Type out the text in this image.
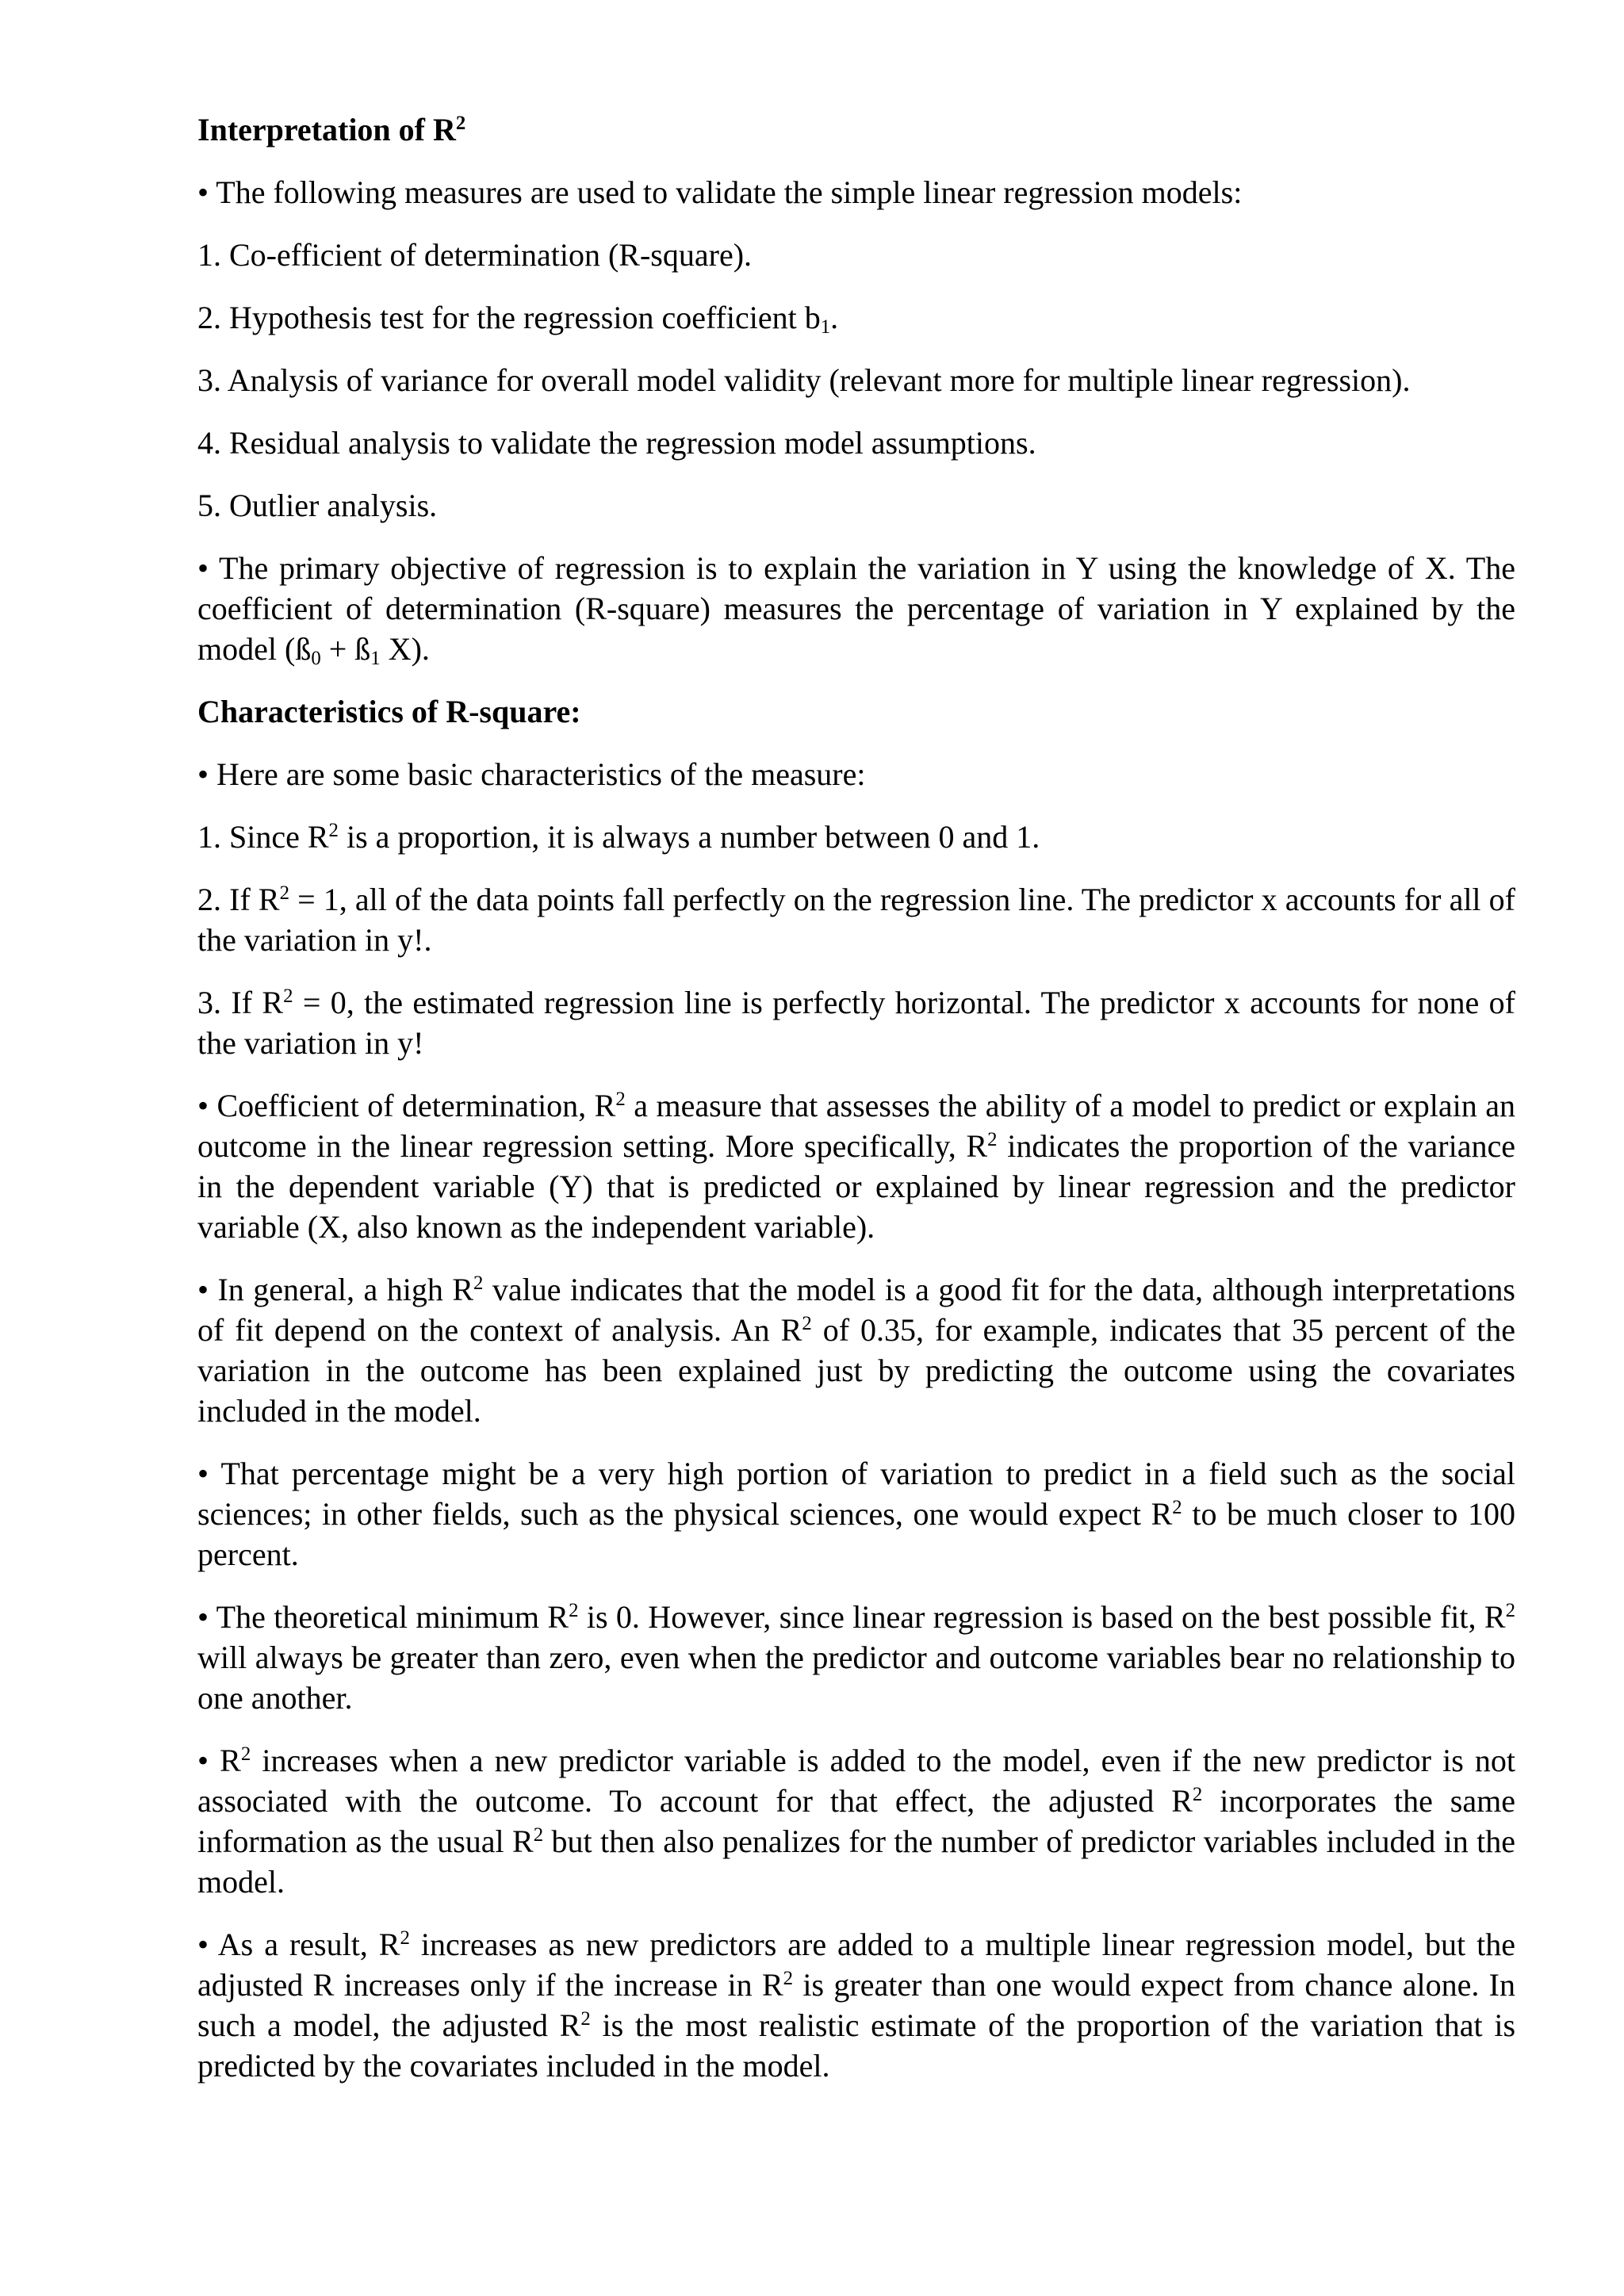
Interpretation of $R^2$

• The following measures are used to validate the simple linear regression models:

1. Co-efficient of determination (R-square).

2. Hypothesis test for the regression coefficient $b_1$.

3. Analysis of variance for overall model validity (relevant more for multiple linear regression).

4. Residual analysis to validate the regression model assumptions.

5. Outlier analysis.

• The primary objective of regression is to explain the variation in Y using the knowledge of X. The coefficient of determination (R-square) measures the percentage of variation in Y explained by the model ($ß_0$ + $ß_1$ X).

Characteristics of R-square:

• Here are some basic characteristics of the measure:

1. Since $R^2$ is a proportion, it is always a number between 0 and 1.

2. If $R^2 = 1$, all of the data points fall perfectly on the regression line. The predictor x accounts for all of the variation in y!.

3. If $R^2 = 0$, the estimated regression line is perfectly horizontal. The predictor x accounts for none of the variation in y!

• Coefficient of determination, $R^2$ a measure that assesses the ability of a model to predict or explain an outcome in the linear regression setting. More specifically, $R^2$ indicates the proportion of the variance in the dependent variable (Y) that is predicted or explained by linear regression and the predictor variable (X, also known as the independent variable).

• In general, a high $R^2$ value indicates that the model is a good fit for the data, although interpretations of fit depend on the context of analysis. An $R^2$ of 0.35, for example, indicates that 35 percent of the variation in the outcome has been explained just by predicting the outcome using the covariates included in the model.

• That percentage might be a very high portion of variation to predict in a field such as the social sciences; in other fields, such as the physical sciences, one would expect $R^2$ to be much closer to 100 percent.

• The theoretical minimum $R^2$ is 0. However, since linear regression is based on the best possible fit, $R^2$ will always be greater than zero, even when the predictor and outcome variables bear no relationship to one another.

• $R^2$ increases when a new predictor variable is added to the model, even if the new predictor is not associated with the outcome. To account for that effect, the adjusted $R^2$ incorporates the same information as the usual $R^2$ but then also penalizes for the number of predictor variables included in the model.

• As a result, $R^2$ increases as new predictors are added to a multiple linear regression model, but the adjusted R increases only if the increase in $R^2$ is greater than one would expect from chance alone. In such a model, the adjusted $R^2$ is the most realistic estimate of the proportion of the variation that is predicted by the covariates included in the model.
